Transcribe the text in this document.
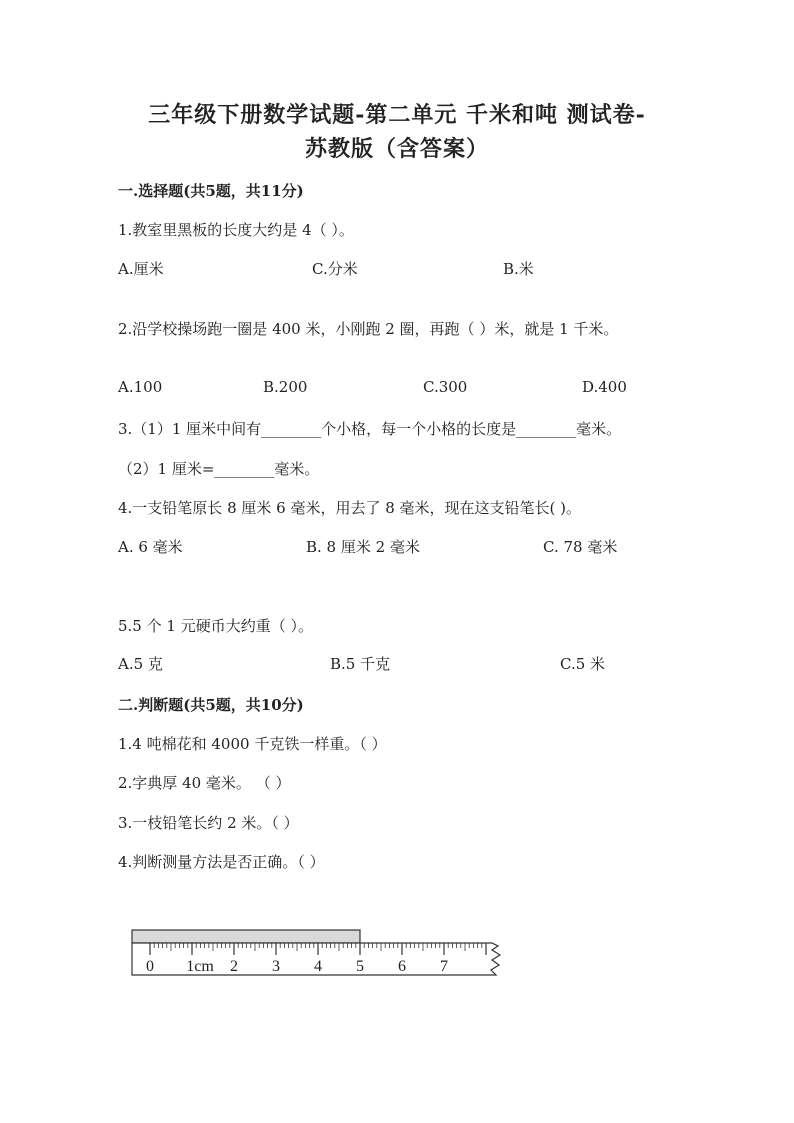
三年级下册数学试题-第二单元 千米和吨 测试卷-
苏教版（含答案）
一.选择题(共5题，共11分)
1.教室里黑板的长度大约是 4（ ）。
A.厘米	C.分米	B.米
2.沿学校操场跑一圈是 400 米，小刚跑 2 圈，再跑（ ）米，就是 1 千米。
A.100	B.200	C.300	D.400
3.（1）1 厘米中间有________个小格，每一个小格的长度是________毫米。
（2）1 厘米=________毫米。
4.一支铅笔原长 8 厘米 6 毫米，用去了 8 毫米，现在这支铅笔长( )。
A. 6 毫米	B. 8 厘米 2 毫米	C. 78 毫米
5.5 个 1 元硬币大约重（ ）。
A.5 克	B.5 千克	C.5 米
二.判断题(共5题，共10分)
1.4 吨棉花和 4000 千克铁一样重。（ ）
2.字典厚 40 毫米。 （ ）
3.一枝铅笔长约 2 米。（ ）
4.判断测量方法是否正确。（ ）
0 1cm 2 3 4 5 6 7
